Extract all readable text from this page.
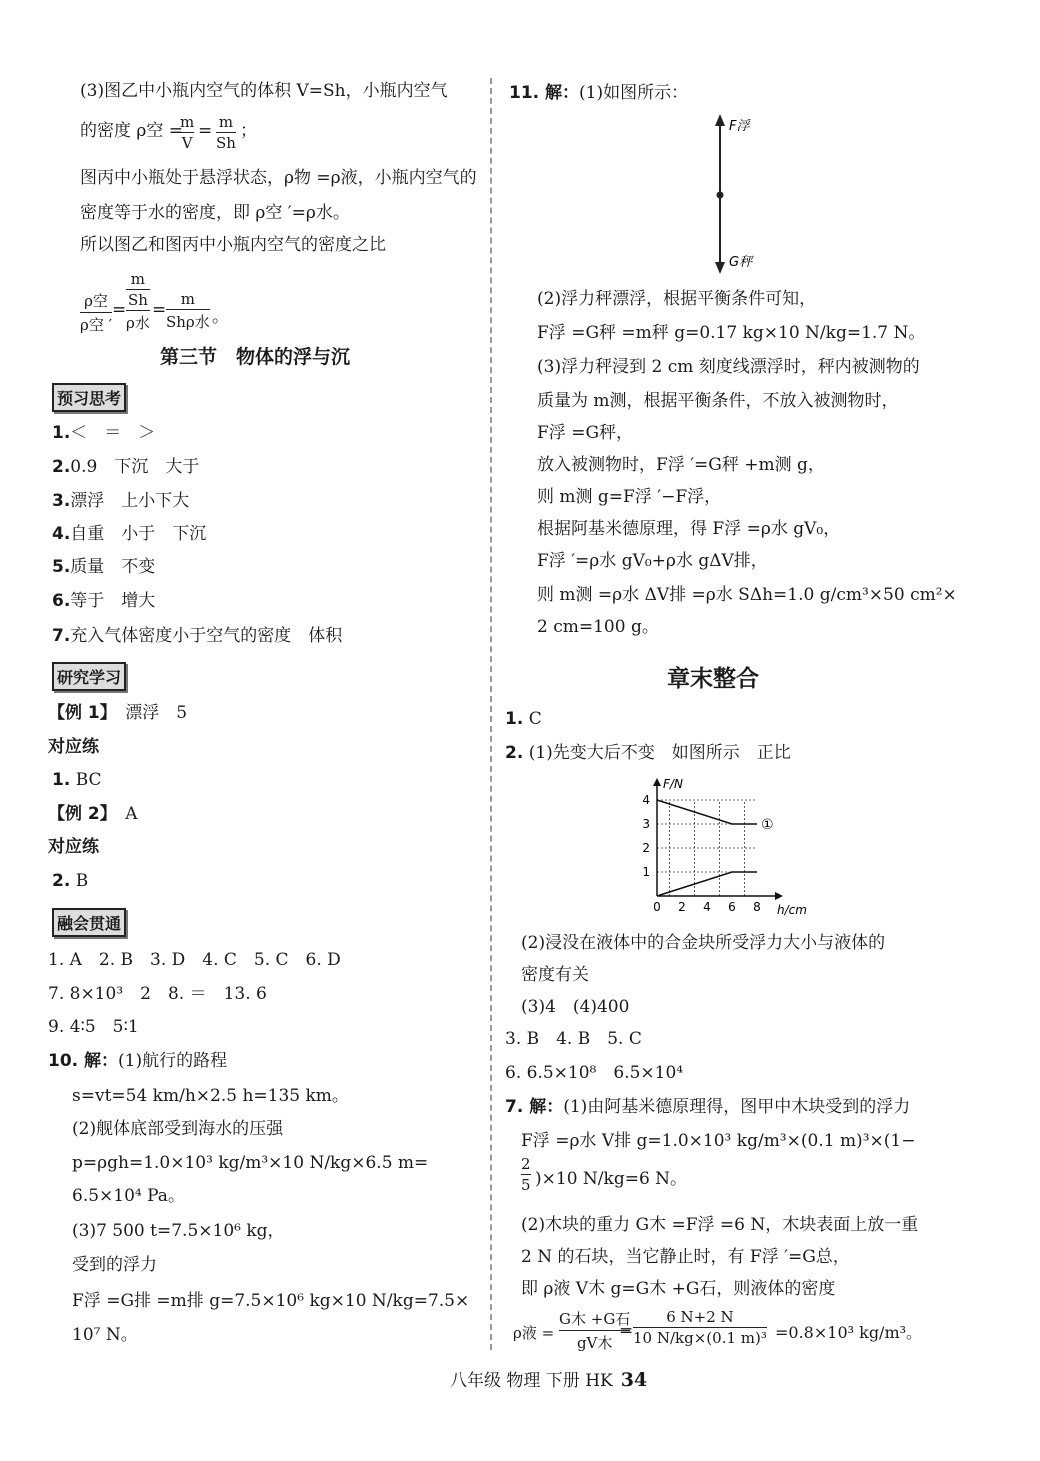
(3)图乙中小瓶内空气的体积 V=Sh，小瓶内空气
的密度 ρ空 =
m
V
= m
Sh
；
图丙中小瓶处于悬浮状态，ρ物 =ρ液，小瓶内空气的
密度等于水的密度，即 ρ空 ′=ρ水。
所以图乙和图丙中小瓶内空气的密度之比
ρ空
ρ空 ′
=
m
Sh
ρ水
=
m
Shρ水 。
第三节　物体的浮与沉
预习思考
1.＜　＝　＞
2.0.9　下沉　大于
3.漂浮　上小下大
4.自重　小于　下沉
5.质量　不变
6.等于　增大
7.充入气体密度小于空气的密度　体积
研究学习
【例 1】　 漂浮　5
对应练
1. BC
【例 2】　 A
对应练
2. B
融会贯通
1. A　2. B　3. D　4. C　5. C　6. D
7. 8×10³　2　8. ＝　13. 6
9. 4∶5　5∶1
10. 解：(1)航行的路程
s=vt=54 km/h×2.5 h=135 km。
(2)舰体底部受到海水的压强
p=ρgh=1.0×10³ kg/m³×10 N/kg×6.5 m=
6.5×10⁴ Pa。
(3)7 500 t=7.5×10⁶ kg，
受到的浮力
F浮 =G排 =m排 g=7.5×10⁶ kg×10 N/kg=7.5×
10⁷ N。
11. 解：(1)如图所示：
F浮
G秤
(2)浮力秤漂浮，根据平衡条件可知，
F浮 =G秤 =m秤 g=0.17 kg×10 N/kg=1.7 N。
(3)浮力秤浸到 2 cm 刻度线漂浮时，秤内被测物的
质量为 m测，根据平衡条件，不放入被测物时，
F浮 =G秤，
放入被测物时，F浮 ′=G秤 +m测 g，
则 m测 g=F浮 ′−F浮，
根据阿基米德原理，得 F浮 =ρ水 gV₀，
F浮 ′=ρ水 gV₀+ρ水 gΔV排，
则 m测 =ρ水 ΔV排 =ρ水 SΔh=1.0 g/cm³×50 cm²×
2 cm=100 g。
章末整合
1. C
2. (1)先变大后不变　如图所示　正比
0 2 4 6 8
1
2
3
4
h/cm
F/N
①
(2)浸没在液体中的合金块所受浮力大小与液体的
密度有关
(3)4　(4)400
3. B　4. B　5. C
6. 6.5×10⁸　6.5×10⁴
7. 解：(1)由阿基米德原理得，图甲中木块受到的浮力
F浮 =ρ水 V排 g=1.0×10³ kg/m³×(0.1 m)³×(1−
2
5 )×10 N/kg=6 N。
(2)木块的重力 G木 =F浮 =6 N，木块表面上放一重
2 N 的石块，当它静止时，有 F浮 ′=G总，
即 ρ液 V木 g=G木 +G石，则液体的密度
ρ液 =
G木 +G石
gV木
=
6 N+2 N
10 N/kg×(0.1 m)³ =0.8×10³ kg/m³。
八年级 物理 下册 HK 34
